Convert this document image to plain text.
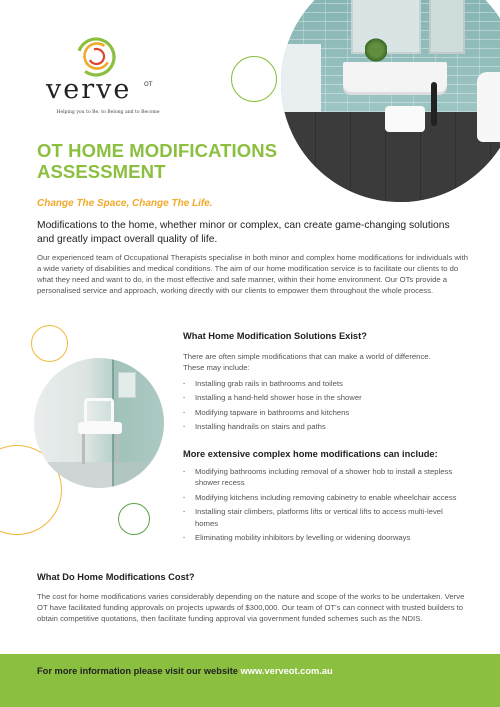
verve OT
Helping you to Be, to Belong and to Become
OT HOME MODIFICATIONS ASSESSMENT
Change The Space, Change The Life.

Modifications to the home, whether minor or complex, can create game-changing solutions and greatly impact overall quality of life.

Our experienced team of Occupational Therapists specialise in both minor and complex home modifications for individuals with a wide variety of disabilities and medical conditions. The aim of our home modification service is to facilitate our clients to do what they need and want to do, in the most effective and safe manner, within their home environment. Our OTs provide a personalised service and approach, working directly with our clients to empower them throughout the whole process.

What Home Modification Solutions Exist?

There are often simple modifications that can make a world of difference. These may include:

· Installing grab rails in bathrooms and toilets
· Installing a hand-held shower hose in the shower
· Modifying tapware in bathrooms and kitchens
· Installing handrails on stairs and paths
More extensive complex home modifications can include:
· Modifying bathrooms including removal of a shower hob to install a stepless shower recess
· Modifying kitchens including removing cabinetry to enable wheelchair access
· Installing stair climbers, platforms lifts or vertical lifts to access multi-level homes
· Eliminating mobility inhibitors by levelling or widening doorways
What Do Home Modifications Cost?

The cost for home modifications varies considerably depending on the nature and scope of the works to be undertaken. Verve OT have facilitated funding approvals on projects upwards of $300,000. Our team of OT's can connect with trusted builders to obtain competitive quotations, then facilitate funding approval via government funded schemes such as the NDIS.

For more information please visit our website www.verveot.com.au
